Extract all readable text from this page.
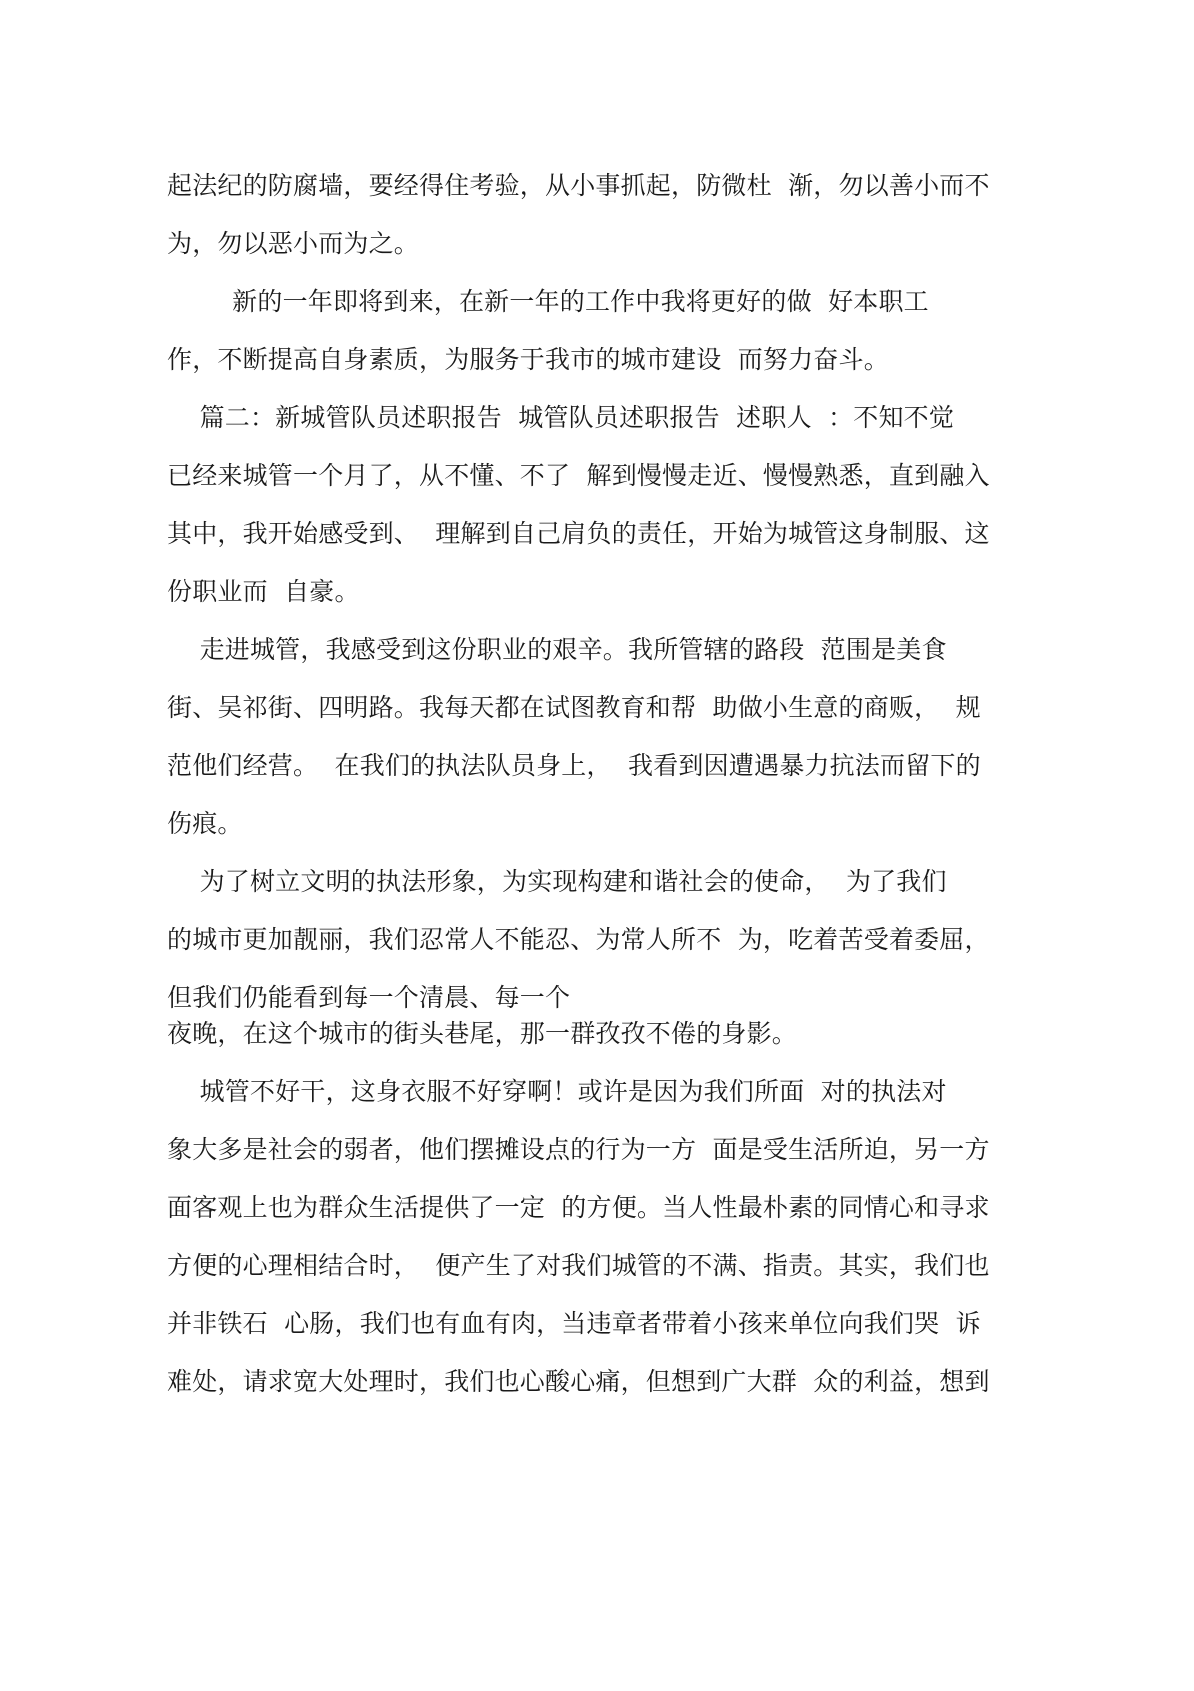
起法纪的防腐墙，要经得住考验，从小事抓起，防微杜  渐，勿以善小而不
为，勿以恶小而为之。
新的一年即将到来，在新一年的工作中我将更好的做  好本职工
作，不断提高自身素质，为服务于我市的城市建设  而努力奋斗。
篇二：新城管队员述职报告  城管队员述职报告  述职人  ：不知不觉
已经来城管一个月了，从不懂、不了  解到慢慢走近、慢慢熟悉，直到融入
其中，我开始感受到、  理解到自己肩负的责任，开始为城管这身制服、这
份职业而  自豪。
走进城管，我感受到这份职业的艰辛。我所管辖的路段  范围是美食
街、吴祁街、四明路。我每天都在试图教育和帮  助做小生意的商贩，  规
范他们经营。  在我们的执法队员身上，  我看到因遭遇暴力抗法而留下的
伤痕。
为了树立文明的执法形象，为实现构建和谐社会的使命，  为了我们
的城市更加靓丽，我们忍常人不能忍、为常人所不  为，吃着苦受着委屈，
但我们仍能看到每一个清晨、每一个
夜晚，在这个城市的街头巷尾，那一群孜孜不倦的身影。
城管不好干，这身衣服不好穿啊！或许是因为我们所面  对的执法对
象大多是社会的弱者，他们摆摊设点的行为一方  面是受生活所迫，另一方
面客观上也为群众生活提供了一定  的方便。当人性最朴素的同情心和寻求
方便的心理相结合时，  便产生了对我们城管的不满、指责。其实，我们也
并非铁石  心肠，我们也有血有肉，当违章者带着小孩来单位向我们哭  诉
难处，请求宽大处理时，我们也心酸心痛，但想到广大群  众的利益，想到
